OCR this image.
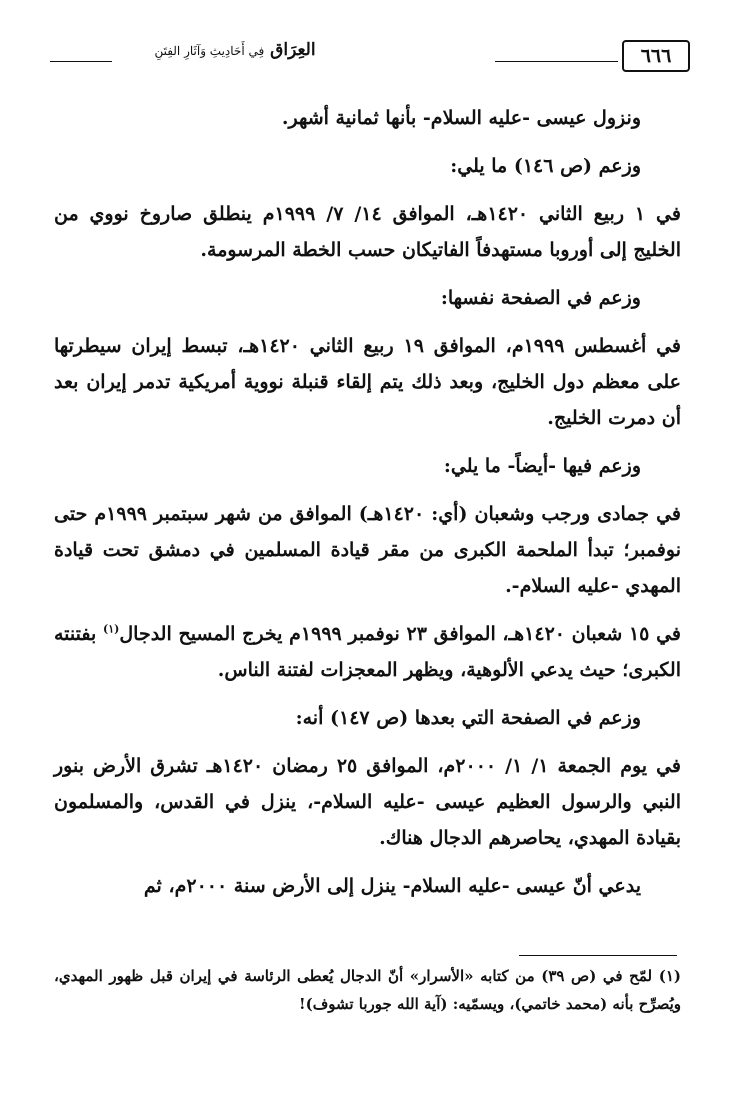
العِرَاق فِي أَحَادِيثِ وَآثَارِ الفِتَنِ	٦٦٦

ونزول عيسى -عليه السلام- بأنها ثمانية أشهر.

وزعم (ص ١٤٦) ما يلي:

في ١ ربيع الثاني ١٤٢٠هـ، الموافق ١٤/ ٧/ ١٩٩٩م ينطلق صاروخ نووي من الخليج إلى أوروبا مستهدفاً الفاتيكان حسب الخطة المرسومة.

وزعم في الصفحة نفسها:

في أغسطس ١٩٩٩م، الموافق ١٩ ربيع الثاني ١٤٢٠هـ، تبسط إيران سيطرتها على معظم دول الخليج، وبعد ذلك يتم إلقاء قنبلة نووية أمريكية تدمر إيران بعد أن دمرت الخليج.

وزعم فيها -أيضاً- ما يلي:

في جمادى ورجب وشعبان (أي: ١٤٢٠هـ) الموافق من شهر سبتمبر ١٩٩٩م حتى نوفمبر؛ تبدأ الملحمة الكبرى من مقر قيادة المسلمين في دمشق تحت قيادة المهدي -عليه السلام-.

في ١٥ شعبان ١٤٢٠هـ، الموافق ٢٣ نوفمبر ١٩٩٩م يخرج المسيح الدجال$^{(١)}$ بفتنته الكبرى؛ حيث يدعي الألوهية، ويظهر المعجزات لفتنة الناس.

وزعم في الصفحة التي بعدها (ص ١٤٧) أنه:

في يوم الجمعة ١/ ١/ ٢٠٠٠م، الموافق ٢٥ رمضان ١٤٢٠هـ تشرق الأرض بنور النبي والرسول العظيم عيسى -عليه السلام-، ينزل في القدس، والمسلمون بقيادة المهدي، يحاصرهم الدجال هناك.

يدعي أنّ عيسى -عليه السلام- ينزل إلى الأرض سنة ٢٠٠٠م، ثم

(١) لمّح في (ص ٣٩) من كتابه «الأسرار» أنّ الدجال يُعطى الرئاسة في إيران قبل ظهور المهدي، ويُصرِّح بأنه (محمد خاتمي)، ويسمّيه: (آية الله جوربا تشوف)!
